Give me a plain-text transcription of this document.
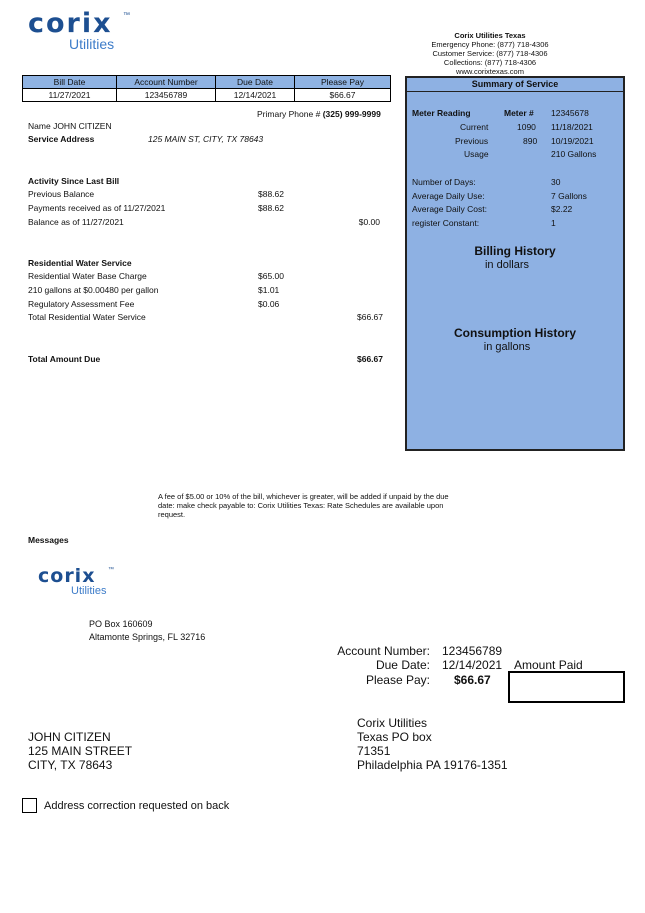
corix ™
Utilities
Corix Utilities Texas
Emergency Phone: (877) 718-4306
Customer Service: (877) 718-4306
Collections: (877) 718-4306
www.corixtexas.com
Bill Date	Account Number	Due Date	Please Pay
11/27/2021	123456789	12/14/2021	$66.67
Primary Phone # (325) 999-9999
Name JOHN CITIZEN
Service Address	125 MAIN ST, CITY, TX 78643
Activity Since Last Bill
Previous Balance	$88.62
Payments received as of 11/27/2021	$88.62
Balance as of 11/27/2021	$0.00
Residential Water Service
Residential Water Base Charge	$65.00
210 gallons at $0.00480 per gallon	$1.01
Regulatory Assessment Fee	$0.06
Total Residential Water Service	$66.67
Total Amount Due	$66.67
Summary of Service
Meter Reading	Meter # 12345678
Current	1090 11/18/2021
Previous	890 10/19/2021
Usage	210 Gallons
Number of Days:	30
Average Daily Use:	7 Gallons
Average Daily Cost:	$2.22
register Constant:	1
Billing History
in dollars
Consumption History
in gallons
A fee of $5.00 or 10% of the bill, whichever is greater, will be added if unpaid by the due date: make check payable to: Corix Utilities Texas: Rate Schedules are available upon request.
Messages
corix ™
Utilities
PO Box 160609
Altamonte Springs, FL 32716
Account Number: 123456789
Due Date: 12/14/2021 Amount Paid
Please Pay: $66.67
JOHN CITIZEN
125 MAIN STREET
CITY, TX 78643
Corix Utilities
Texas PO box
71351
Philadelphia PA 19176-1351
Address correction requested on back
